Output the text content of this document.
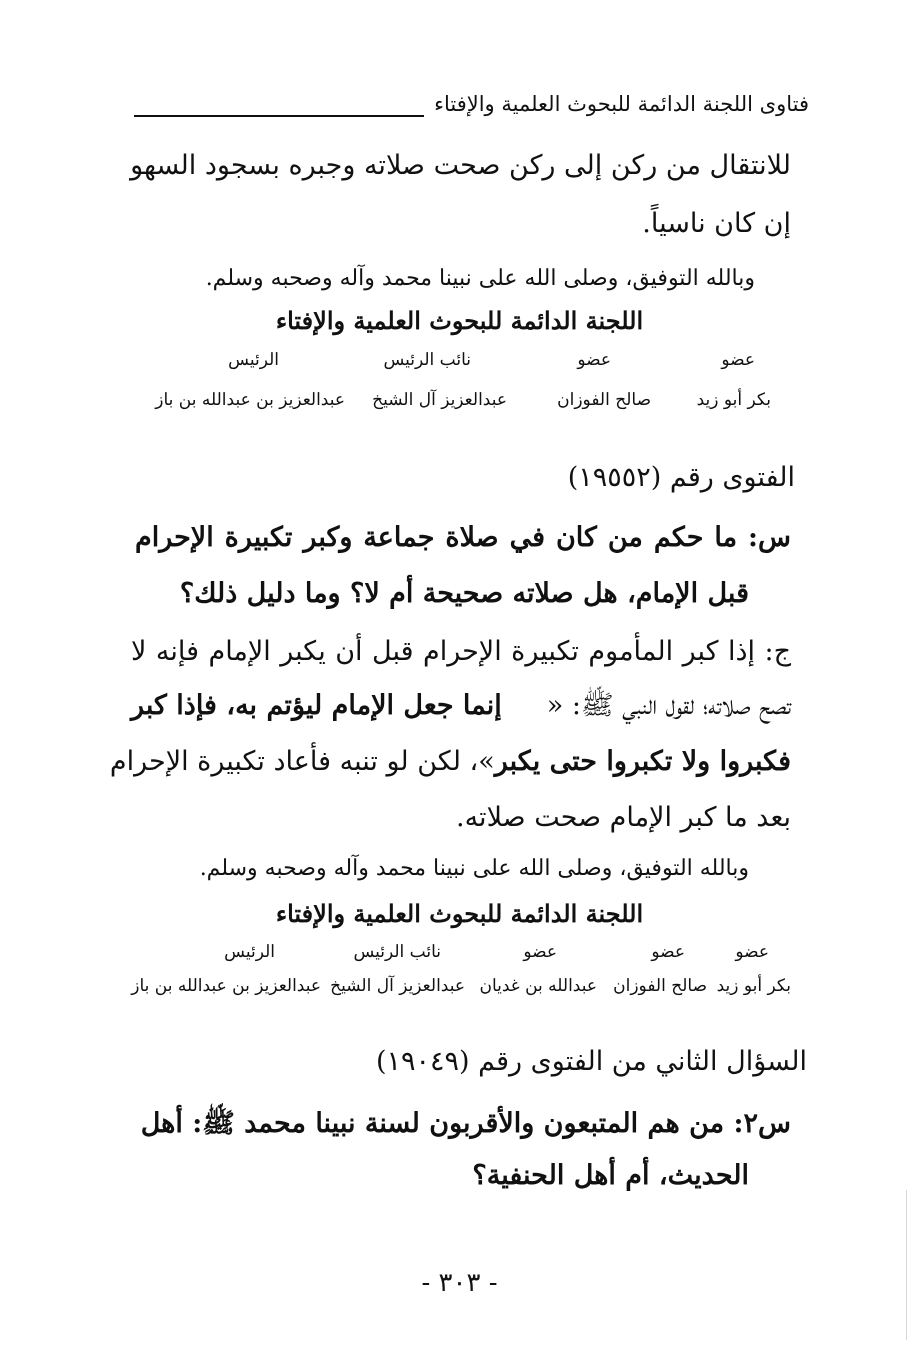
فتاوى اللجنة الدائمة للبحوث العلمية والإفتاء
للانتقال من ركن إلى ركن صحت صلاته وجبره بسجود السهو
إن كان ناسياً.
وبالله التوفيق، وصلى الله على نبينا محمد وآله وصحبه وسلم.
اللجنة الدائمة للبحوث العلمية والإفتاء
عضو
بكر أبو زيد
عضو
صالح الفوزان
نائب الرئيس
عبدالعزيز آل الشيخ
الرئيس
عبدالعزيز بن عبدالله بن باز
الفتوى رقم (١٩٥٥٢)
س: ما حكم من كان في صلاة جماعة وكبر تكبيرة الإحرام
قبل الإمام، هل صلاته صحيحة أم لا؟ وما دليل ذلك؟
ج: إذا كبر المأموم تكبيرة الإحرام قبل أن يكبر الإمام فإنه لا
تصح صلاته؛ لقول النبي ﷺ: «
إنما جعل الإمام ليؤتم به، فإذا كبر
فكبروا ولا تكبروا حتى يكبر
»، لكن لو تنبه فأعاد تكبيرة الإحرام
بعد ما كبر الإمام صحت صلاته.
وبالله التوفيق، وصلى الله على نبينا محمد وآله وصحبه وسلم.
اللجنة الدائمة للبحوث العلمية والإفتاء
عضو
بكر أبو زيد
عضو
صالح الفوزان
عضو
عبدالله بن غديان
نائب الرئيس
عبدالعزيز آل الشيخ
الرئيس
عبدالعزيز بن عبدالله بن باز
السؤال الثاني من الفتوى رقم (١٩٠٤٩)
س٢: من هم المتبعون والأقربون لسنة نبينا محمد ﷺ: أهل
الحديث، أم أهل الحنفية؟
- ٣٠٣ -
